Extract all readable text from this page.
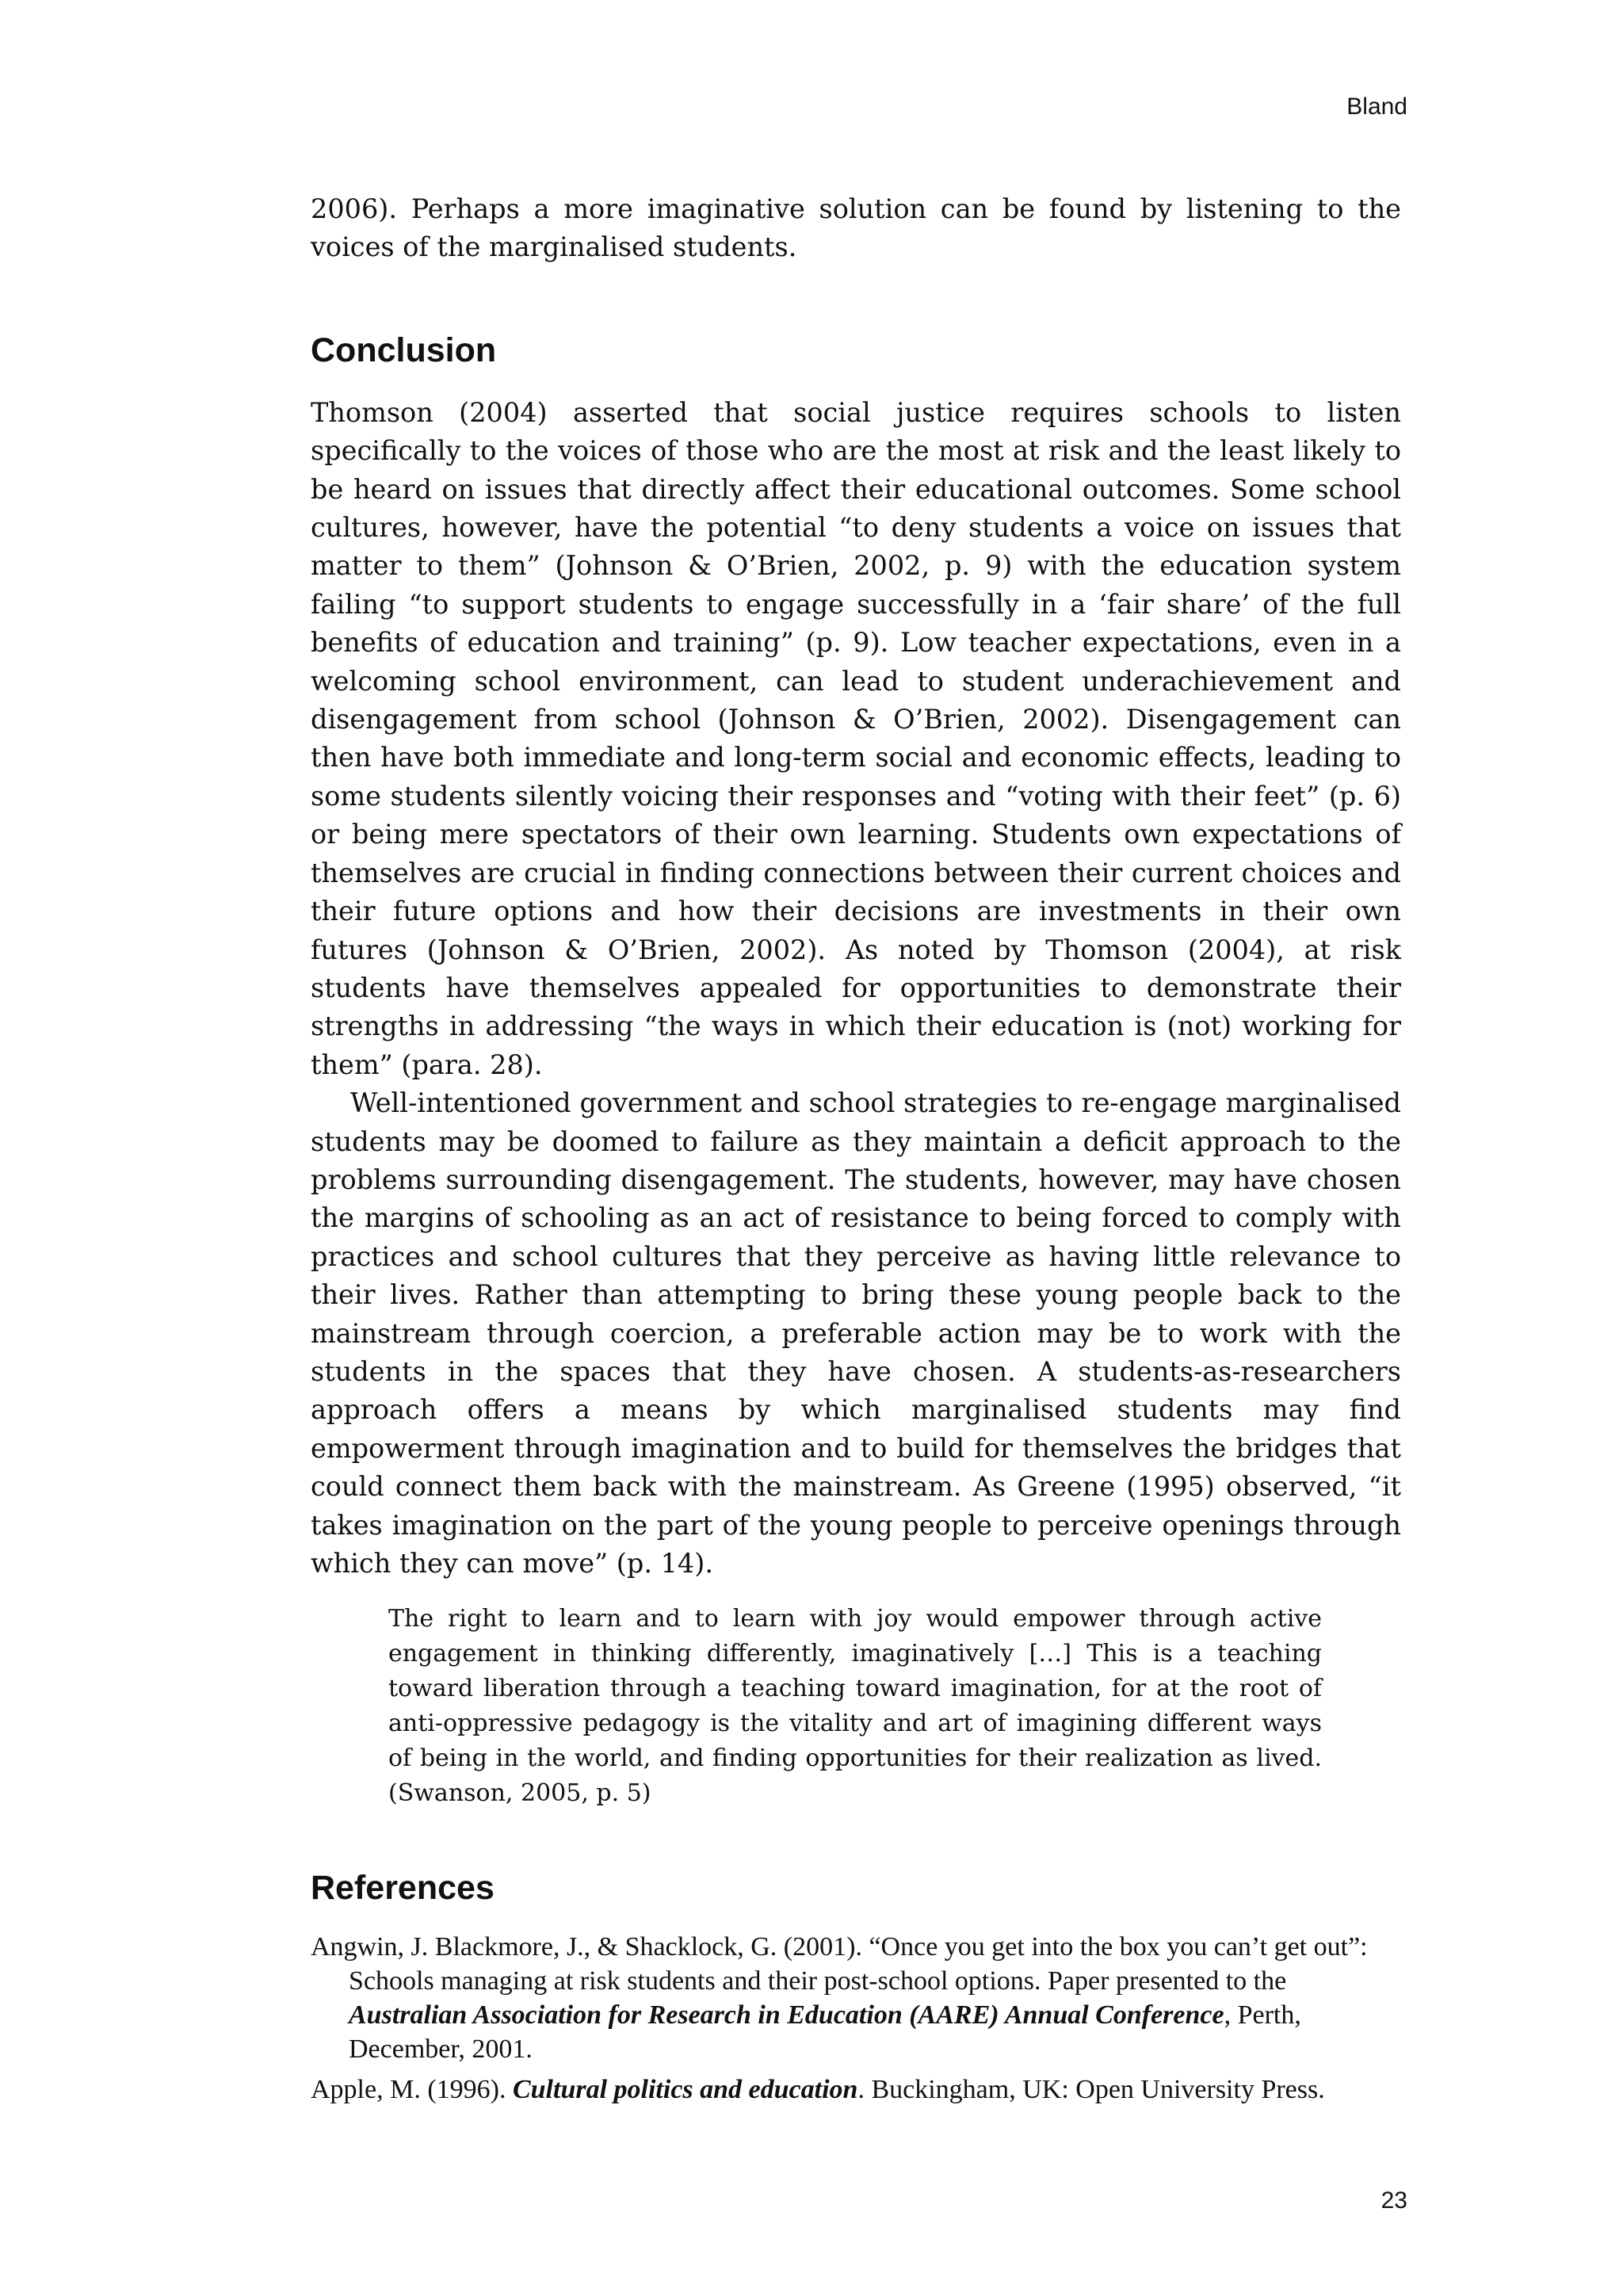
Bland

2006). Perhaps a more imaginative solution can be found by listening to the voices of the marginalised students.

Conclusion

Thomson (2004) asserted that social justice requires schools to listen specifically to the voices of those who are the most at risk and the least likely to be heard on issues that directly affect their educational outcomes. Some school cultures, however, have the potential “to deny students a voice on issues that matter to them” (Johnson & O’Brien, 2002, p. 9) with the education system failing “to support students to engage successfully in a ‘fair share’ of the full benefits of education and training” (p. 9). Low teacher expectations, even in a welcoming school environment, can lead to student underachievement and disengagement from school (Johnson & O’Brien, 2002). Disengagement can then have both immediate and long-term social and economic effects, leading to some students silently voicing their responses and “voting with their feet” (p. 6) or being mere spectators of their own learning. Students own expectations of themselves are crucial in finding connections between their current choices and their future options and how their decisions are investments in their own futures (Johnson & O’Brien, 2002). As noted by Thomson (2004), at risk students have themselves appealed for opportunities to demonstrate their strengths in addressing “the ways in which their education is (not) working for them” (para. 28).

Well-intentioned government and school strategies to re-engage marginalised students may be doomed to failure as they maintain a deficit approach to the problems surrounding disengagement. The students, however, may have chosen the margins of schooling as an act of resistance to being forced to comply with practices and school cultures that they perceive as having little relevance to their lives. Rather than attempting to bring these young people back to the mainstream through coercion, a preferable action may be to work with the students in the spaces that they have chosen. A students-as-researchers approach offers a means by which marginalised students may find empowerment through imagination and to build for themselves the bridges that could connect them back with the mainstream. As Greene (1995) observed, “it takes imagination on the part of the young people to perceive openings through which they can move” (p. 14).

The right to learn and to learn with joy would empower through active engagement in thinking differently, imaginatively […] This is a teaching toward liberation through a teaching toward imagination, for at the root of anti-oppressive pedagogy is the vitality and art of imagining different ways of being in the world, and finding opportunities for their realization as lived. (Swanson, 2005, p. 5)
References

Angwin, J. Blackmore, J., & Shacklock, G. (2001). “Once you get into the box you can’t get out”: Schools managing at risk students and their post-school options. Paper presented to the Australian Association for Research in Education (AARE) Annual Conference, Perth, December, 2001.

Apple, M. (1996). Cultural politics and education. Buckingham, UK: Open University Press.

23
